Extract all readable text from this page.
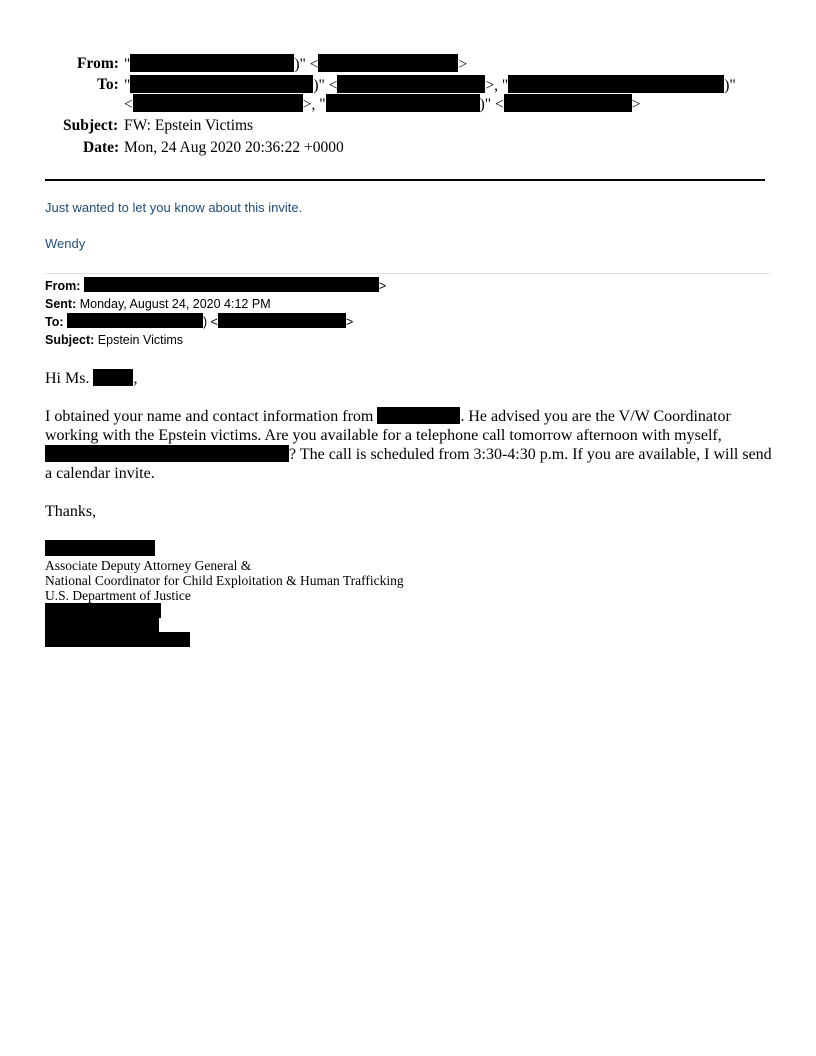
From: "	)" <	>
To: "	)" <	>, "	)"
<	>, "	)" <	>
Subject: FW: Epstein Victims
Date: Mon, 24 Aug 2020 20:36:22 +0000
Just wanted to let you know about this invite.
Wendy
From:	>
Sent: Monday, August 24, 2020 4:12 PM
To:	) <	>
Subject: Epstein Victims
Hi Ms.	,
I obtained your name and contact information from	. He advised you are the V/W Coordinator working with the Epstein victims. Are you available for a telephone call tomorrow afternoon with myself,? The call is scheduled from 3:30-4:30 p.m. If you are available, I will send a calendar invite.
Thanks,
Associate Deputy Attorney General &
National Coordinator for Child Exploitation & Human Trafficking
U.S. Department of Justice
